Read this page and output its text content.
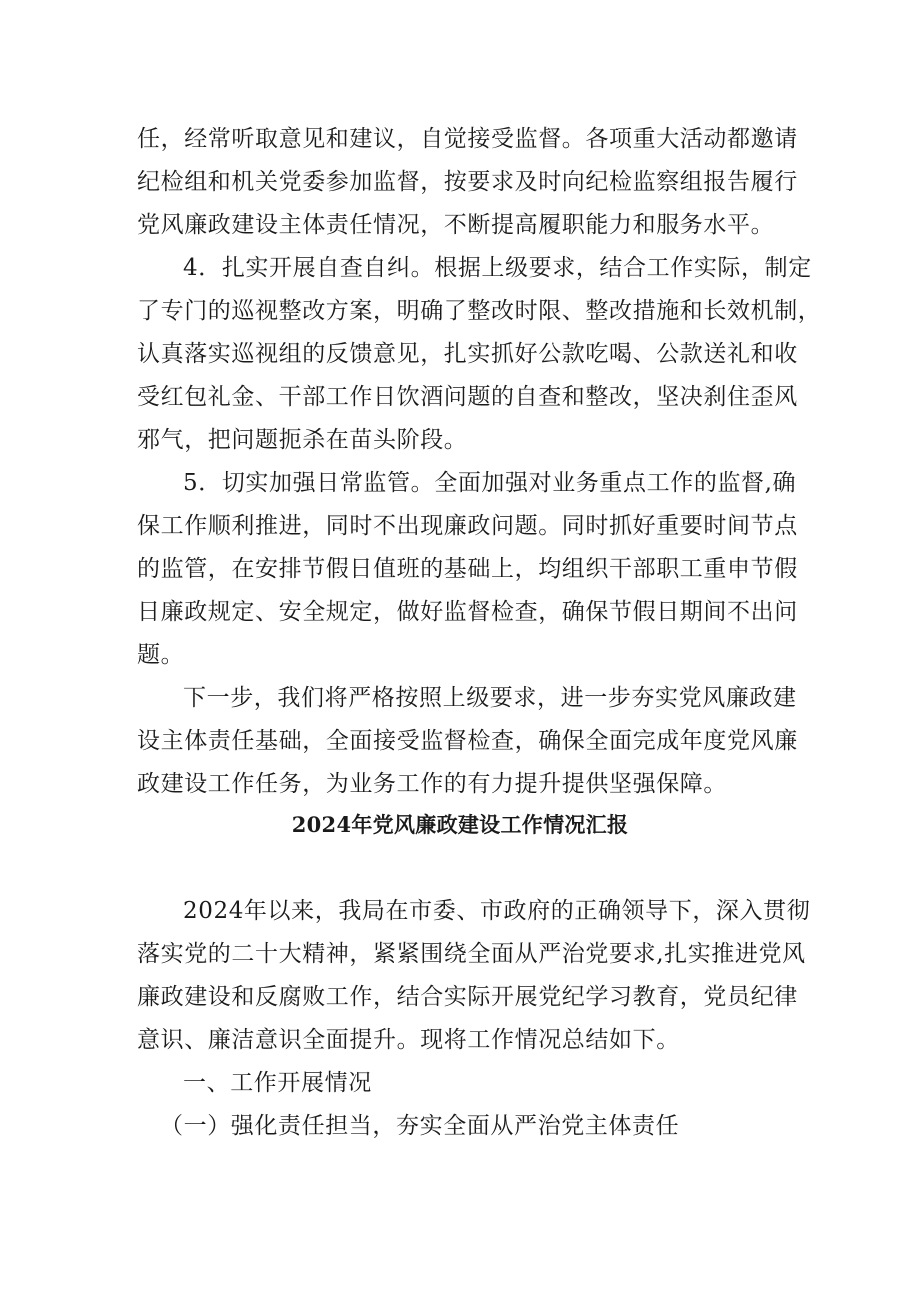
任，经常听取意见和建议，自觉接受监督。各项重大活动都邀请
纪检组和机关党委参加监督，按要求及时向纪检监察组报告履行
党风廉政建设主体责任情况，不断提高履职能力和服务水平。
4．扎实开展自查自纠。根据上级要求，结合工作实际，制定
了专门的巡视整改方案，明确了整改时限、整改措施和长效机制，
认真落实巡视组的反馈意见，扎实抓好公款吃喝、公款送礼和收
受红包礼金、干部工作日饮酒问题的自查和整改，坚决刹住歪风
邪气，把问题扼杀在苗头阶段。
5．切实加强日常监管。全面加强对业务重点工作的监督,确
保工作顺利推进，同时不出现廉政问题。同时抓好重要时间节点
的监管，在安排节假日值班的基础上，均组织干部职工重申节假
日廉政规定、安全规定，做好监督检查，确保节假日期间不出问
题。
下一步，我们将严格按照上级要求，进一步夯实党风廉政建
设主体责任基础，全面接受监督检查，确保全面完成年度党风廉
政建设工作任务，为业务工作的有力提升提供坚强保障。
2024年党风廉政建设工作情况汇报
2024年以来，我局在市委、市政府的正确领导下，深入贯彻
落实党的二十大精神，紧紧围绕全面从严治党要求,扎实推进党风
廉政建设和反腐败工作，结合实际开展党纪学习教育，党员纪律
意识、廉洁意识全面提升。现将工作情况总结如下。
一、工作开展情况
（一）强化责任担当，夯实全面从严治党主体责任
